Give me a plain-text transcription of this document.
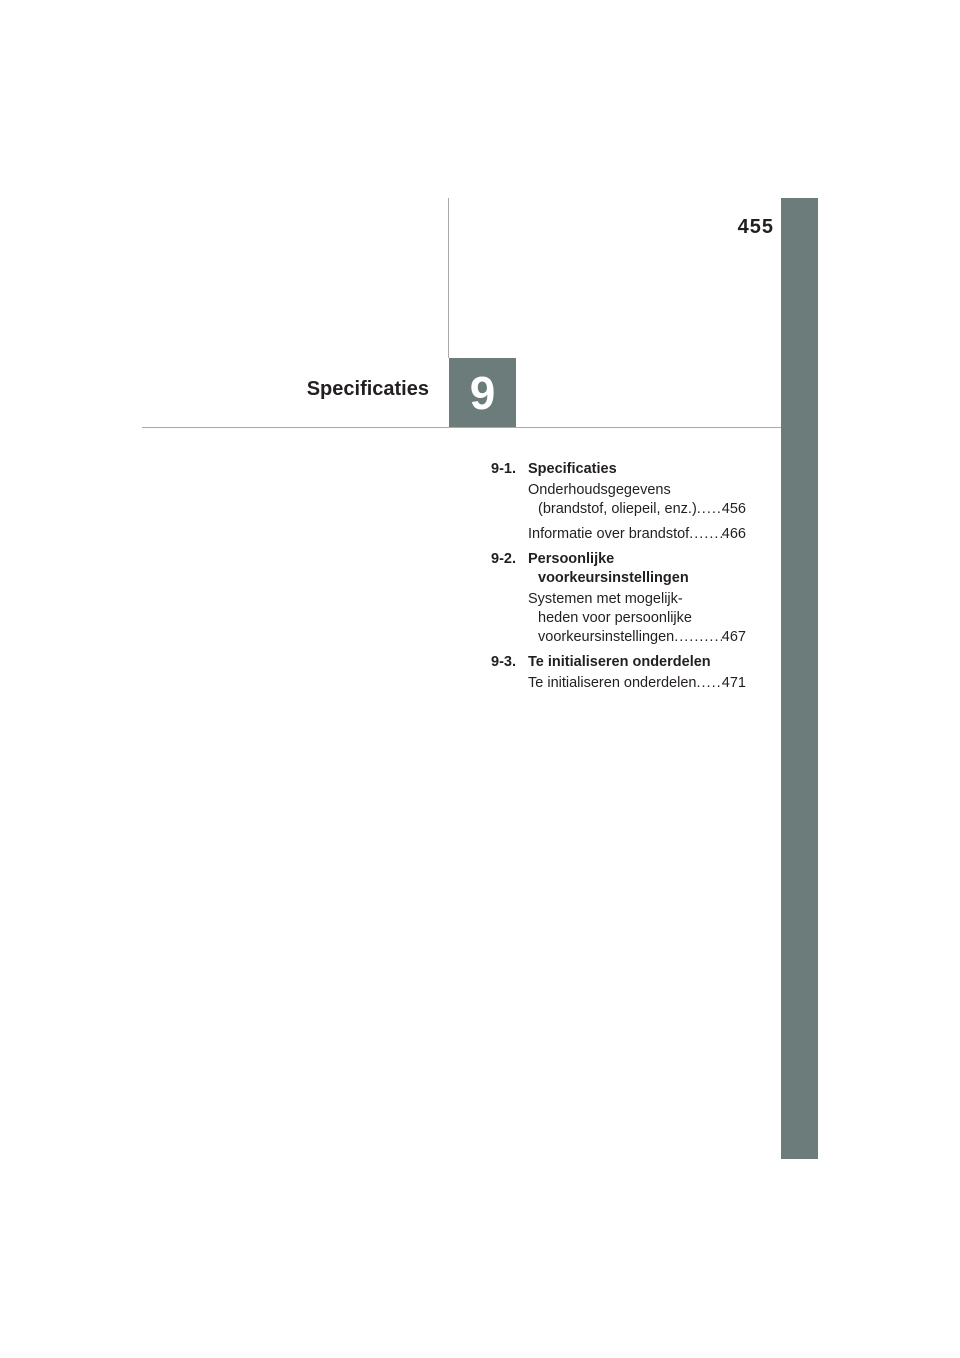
455
9
Specificaties
9-1. Specificaties
Onderhoudsgegevens
(brandstof, oliepeil, enz.) ..... 456
Informatie over brandstof ..... 466
9-2. Persoonlijke
voorkeursinstellingen
Systemen met mogelijk-
heden voor persoonlijke
voorkeursinstellingen .....	467
9-3. Te initialiseren onderdelen
Te initialiseren onderdelen ..... 471
